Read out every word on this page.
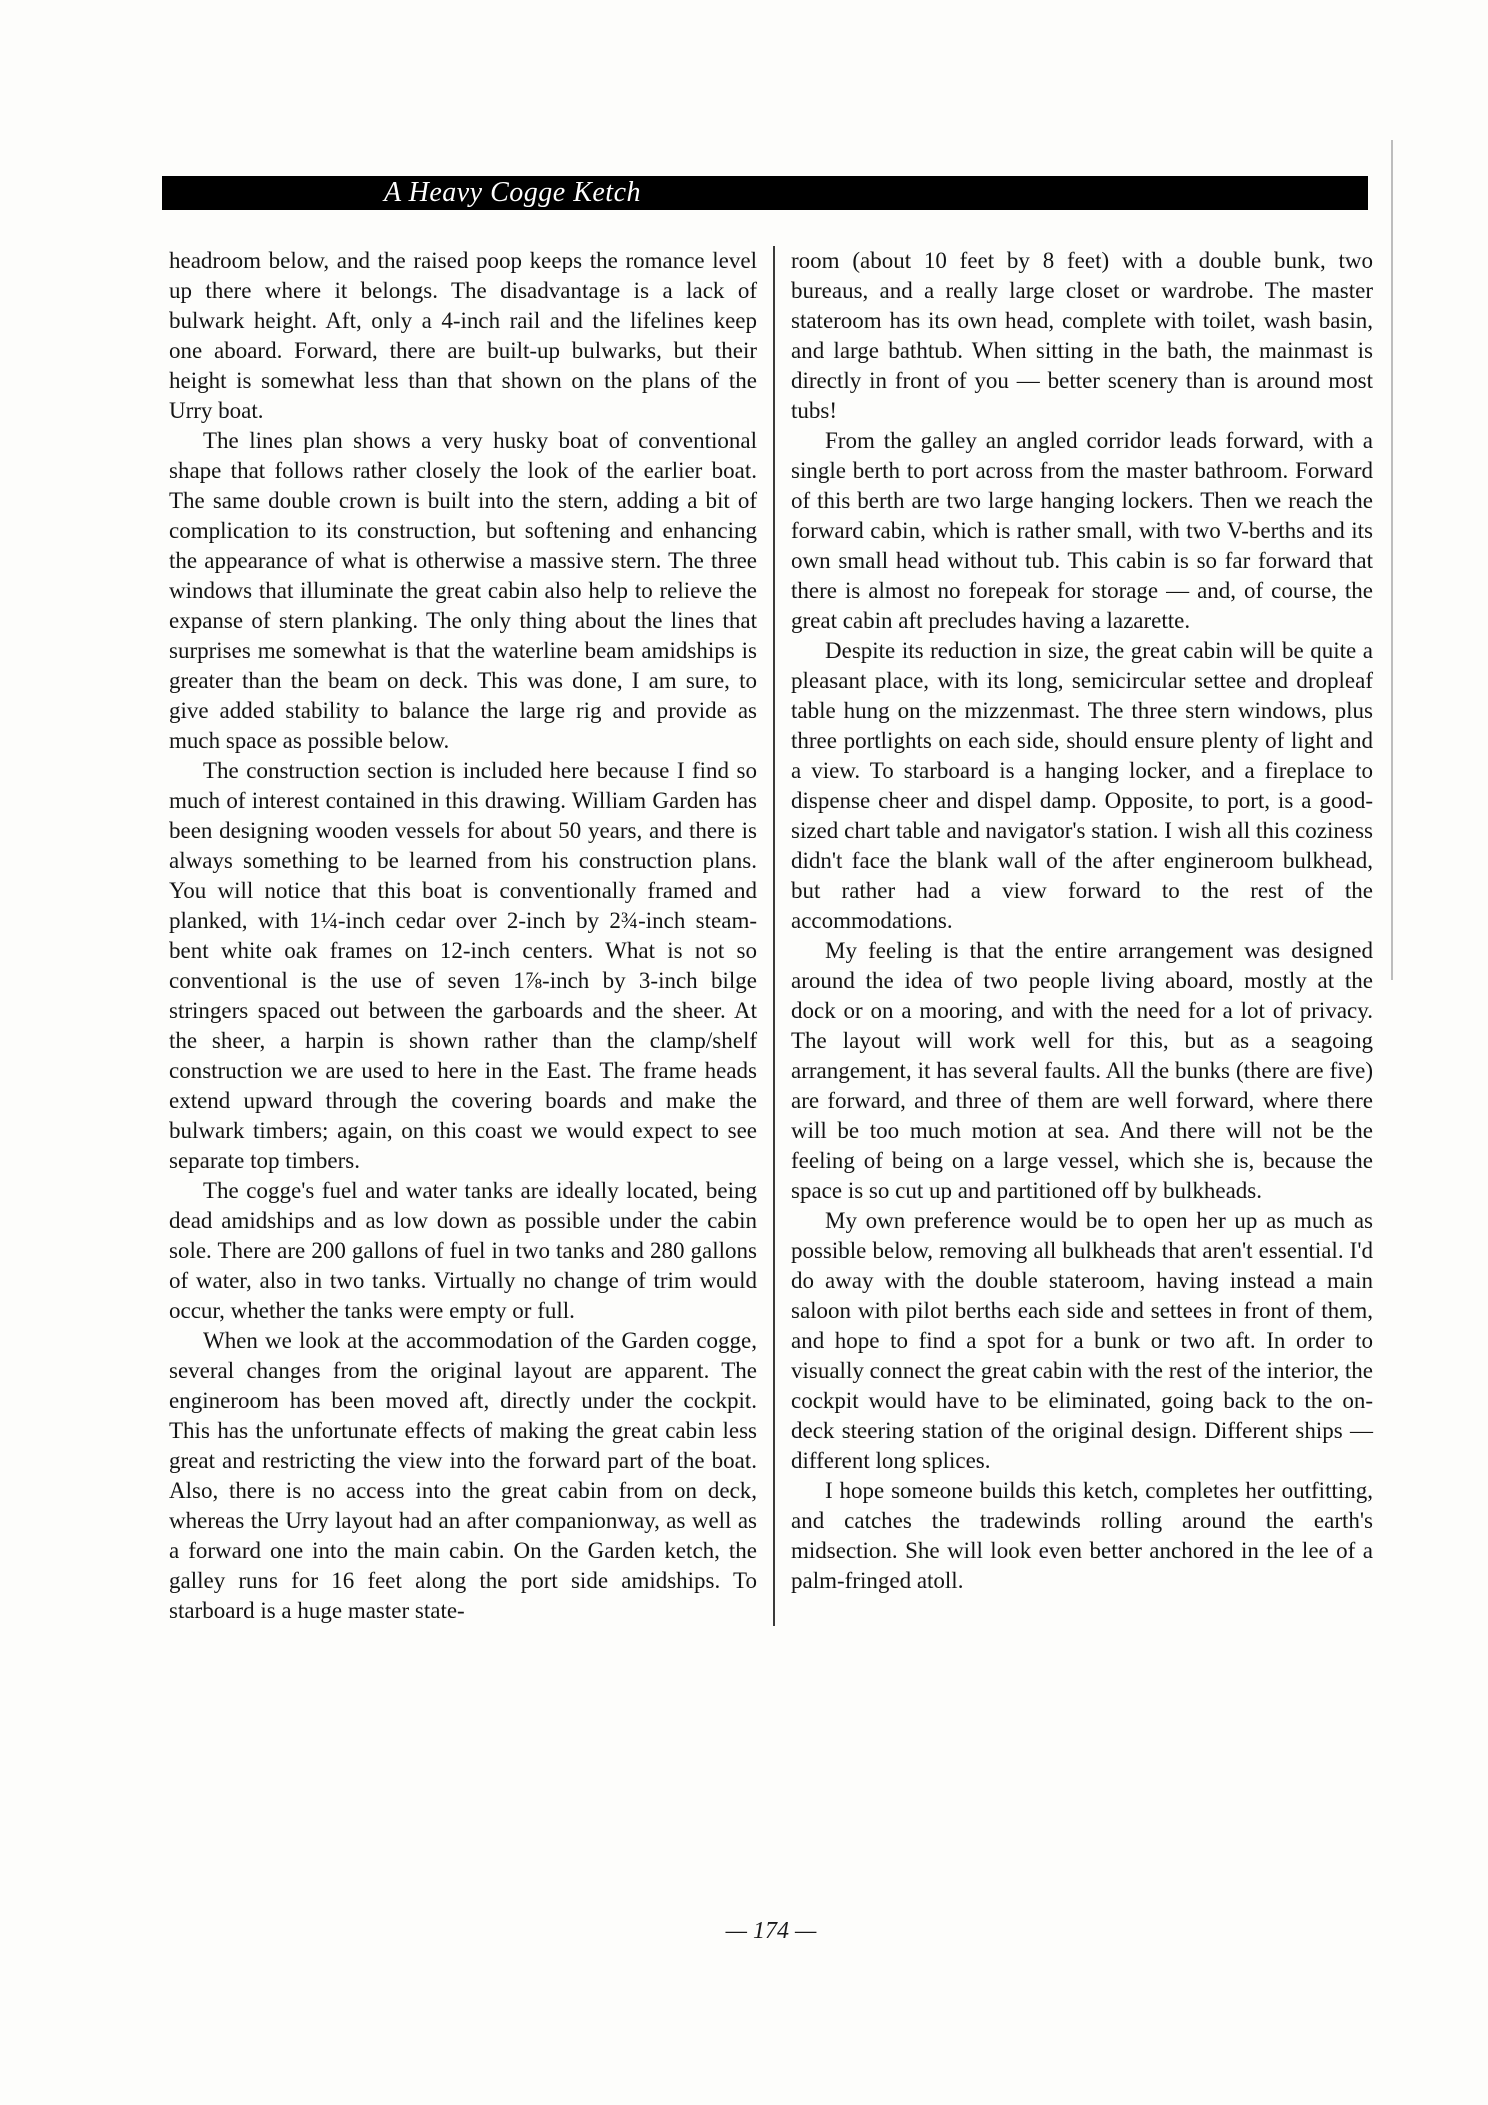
A Heavy Cogge Ketch

headroom below, and the raised poop keeps the romance level up there where it belongs. The disadvantage is a lack of bulwark height. Aft, only a 4-inch rail and the lifelines keep one aboard. Forward, there are built-up bulwarks, but their height is somewhat less than that shown on the plans of the Urry boat.

The lines plan shows a very husky boat of conventional shape that follows rather closely the look of the earlier boat. The same double crown is built into the stern, adding a bit of complication to its construction, but softening and enhancing the appearance of what is otherwise a massive stern. The three windows that illuminate the great cabin also help to relieve the expanse of stern planking. The only thing about the lines that surprises me somewhat is that the waterline beam amidships is greater than the beam on deck. This was done, I am sure, to give added stability to balance the large rig and provide as much space as possible below.

The construction section is included here because I find so much of interest contained in this drawing. William Garden has been designing wooden vessels for about 50 years, and there is always something to be learned from his construction plans. You will notice that this boat is conventionally framed and planked, with 1¼-inch cedar over 2-inch by 2¾-inch steam-bent white oak frames on 12-inch centers. What is not so conventional is the use of seven 1⅞-inch by 3-inch bilge stringers spaced out between the garboards and the sheer. At the sheer, a harpin is shown rather than the clamp/shelf construction we are used to here in the East. The frame heads extend upward through the covering boards and make the bulwark timbers; again, on this coast we would expect to see separate top timbers.

The cogge's fuel and water tanks are ideally located, being dead amidships and as low down as possible under the cabin sole. There are 200 gallons of fuel in two tanks and 280 gallons of water, also in two tanks. Virtually no change of trim would occur, whether the tanks were empty or full.

When we look at the accommodation of the Garden cogge, several changes from the original layout are apparent. The engineroom has been moved aft, directly under the cockpit. This has the unfortunate effects of making the great cabin less great and restricting the view into the forward part of the boat. Also, there is no access into the great cabin from on deck, whereas the Urry layout had an after companionway, as well as a forward one into the main cabin. On the Garden ketch, the galley runs for 16 feet along the port side amidships. To starboard is a huge master state-

room (about 10 feet by 8 feet) with a double bunk, two bureaus, and a really large closet or wardrobe. The master stateroom has its own head, complete with toilet, wash basin, and large bathtub. When sitting in the bath, the mainmast is directly in front of you — better scenery than is around most tubs!

From the galley an angled corridor leads forward, with a single berth to port across from the master bathroom. Forward of this berth are two large hanging lockers. Then we reach the forward cabin, which is rather small, with two V-berths and its own small head without tub. This cabin is so far forward that there is almost no forepeak for storage — and, of course, the great cabin aft precludes having a lazarette.

Despite its reduction in size, the great cabin will be quite a pleasant place, with its long, semicircular settee and dropleaf table hung on the mizzenmast. The three stern windows, plus three portlights on each side, should ensure plenty of light and a view. To starboard is a hanging locker, and a fireplace to dispense cheer and dispel damp. Opposite, to port, is a good-sized chart table and navigator's station. I wish all this coziness didn't face the blank wall of the after engineroom bulkhead, but rather had a view forward to the rest of the accommodations.

My feeling is that the entire arrangement was designed around the idea of two people living aboard, mostly at the dock or on a mooring, and with the need for a lot of privacy. The layout will work well for this, but as a seagoing arrangement, it has several faults. All the bunks (there are five) are forward, and three of them are well forward, where there will be too much motion at sea. And there will not be the feeling of being on a large vessel, which she is, because the space is so cut up and partitioned off by bulkheads.

My own preference would be to open her up as much as possible below, removing all bulkheads that aren't essential. I'd do away with the double stateroom, having instead a main saloon with pilot berths each side and settees in front of them, and hope to find a spot for a bunk or two aft. In order to visually connect the great cabin with the rest of the interior, the cockpit would have to be eliminated, going back to the on-deck steering station of the original design. Different ships — different long splices.

I hope someone builds this ketch, completes her outfitting, and catches the tradewinds rolling around the earth's midsection. She will look even better anchored in the lee of a palm-fringed atoll.

— 174 —
